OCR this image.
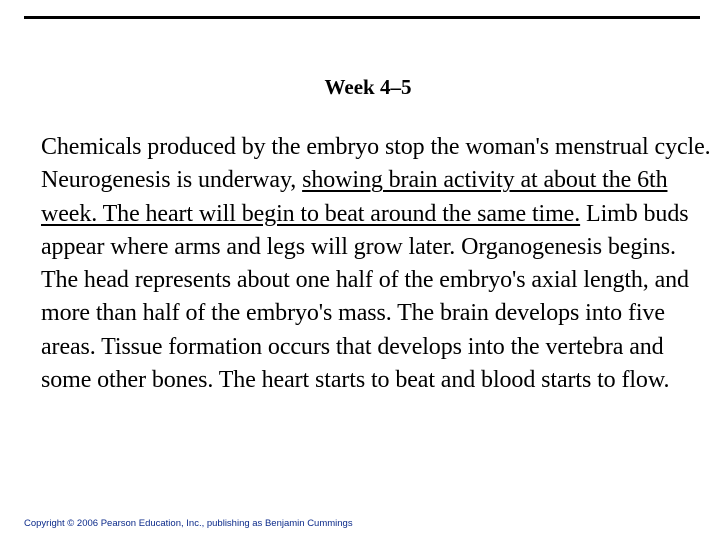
Week 4–5
Chemicals produced by the embryo stop the woman's menstrual cycle. Neurogenesis is underway, showing brain activity at about the 6th week. The heart will begin to beat around the same time. Limb buds appear where arms and legs will grow later. Organogenesis begins. The head represents about one half of the embryo's axial length, and more than half of the embryo's mass. The brain develops into five areas. Tissue formation occurs that develops into the vertebra and some other bones. The heart starts to beat and blood starts to flow.
Copyright © 2006 Pearson Education, Inc., publishing as Benjamin Cummings
